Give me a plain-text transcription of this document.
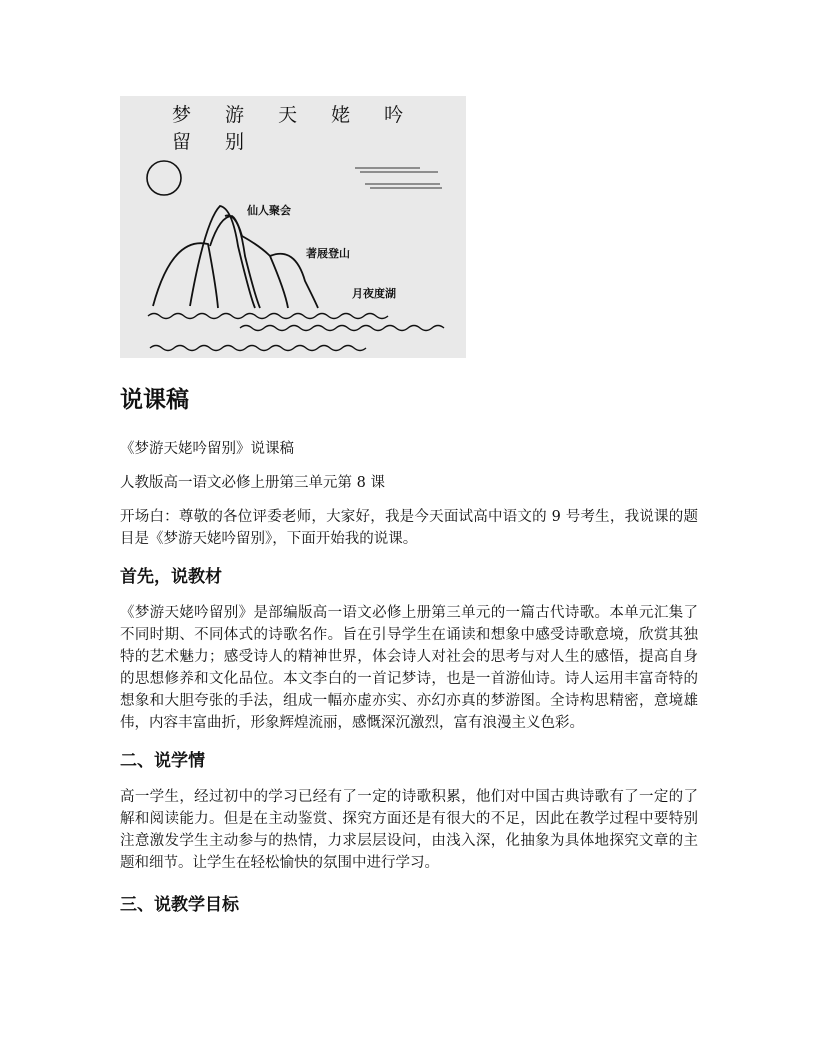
梦 游 天 姥 吟 留 别
仙人聚会
著屐登山
月夜度湖
说课稿

《梦游天姥吟留别》说课稿

人教版高一语文必修上册第三单元第 8 课

开场白：尊敬的各位评委老师，大家好，我是今天面试高中语文的 9 号考生，我说课的题目是《梦游天姥吟留别》，下面开始我的说课。

首先，说教材

《梦游天姥吟留别》是部编版高一语文必修上册第三单元的一篇古代诗歌。本单元汇集了不同时期、不同体式的诗歌名作。旨在引导学生在诵读和想象中感受诗歌意境，欣赏其独特的艺术魅力；感受诗人的精神世界，体会诗人对社会的思考与对人生的感悟，提高自身的思想修养和文化品位。本文李白的一首记梦诗，也是一首游仙诗。诗人运用丰富奇特的想象和大胆夸张的手法，组成一幅亦虚亦实、亦幻亦真的梦游图。全诗构思精密，意境雄伟，内容丰富曲折，形象辉煌流丽，感慨深沉激烈，富有浪漫主义色彩。

二、说学情

高一学生，经过初中的学习已经有了一定的诗歌积累，他们对中国古典诗歌有了一定的了解和阅读能力。但是在主动鉴赏、探究方面还是有很大的不足，因此在教学过程中要特别注意激发学生主动参与的热情，力求层层设问，由浅入深，化抽象为具体地探究文章的主题和细节。让学生在轻松愉快的氛围中进行学习。

三、说教学目标
